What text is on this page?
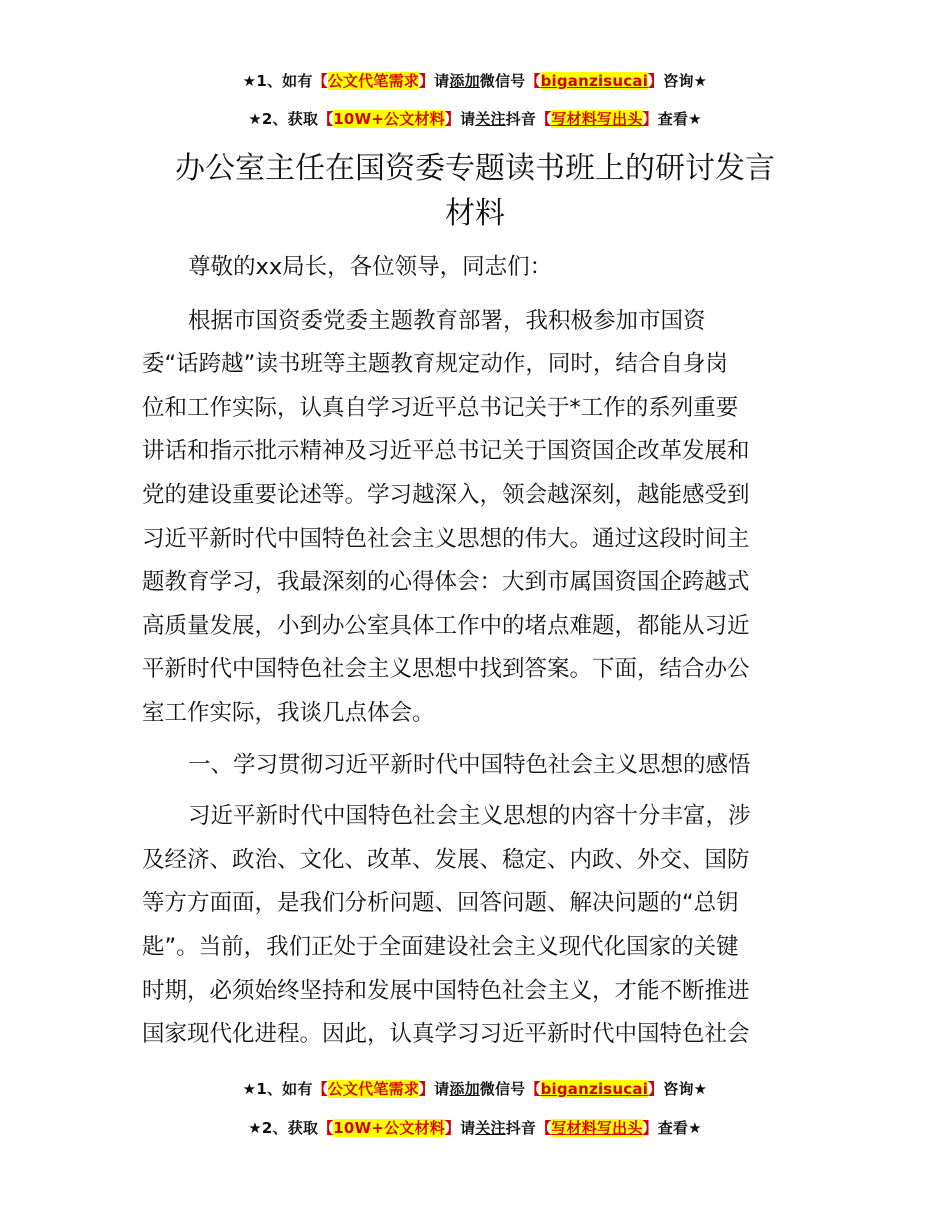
★1、如有【公文代笔需求】请添加微信号【biganzisucai】咨询★
★2、获取【10W+公文材料】请关注抖音【写材料写出头】查看★
办公室主任在国资委专题读书班上的研讨发言
材料

尊敬的xx局长，各位领导，同志们：

根据市国资委党委主题教育部署，我积极参加市国资
委“话跨越”读书班等主题教育规定动作，同时，结合自身岗
位和工作实际，认真自学习近平总书记关于*工作的系列重要
讲话和指示批示精神及习近平总书记关于国资国企改革发展和
党的建设重要论述等。学习越深入，领会越深刻，越能感受到
习近平新时代中国特色社会主义思想的伟大。通过这段时间主
题教育学习，我最深刻的心得体会：大到市属国资国企跨越式
高质量发展，小到办公室具体工作中的堵点难题，都能从习近
平新时代中国特色社会主义思想中找到答案。下面，结合办公
室工作实际，我谈几点体会。

一、学习贯彻习近平新时代中国特色社会主义思想的感悟

习近平新时代中国特色社会主义思想的内容十分丰富，涉
及经济、政治、文化、改革、发展、稳定、内政、外交、国防
等方方面面，是我们分析问题、回答问题、解决问题的“总钥
匙”。当前，我们正处于全面建设社会主义现代化国家的关键
时期，必须始终坚持和发展中国特色社会主义，才能不断推进
国家现代化进程。因此，认真学习习近平新时代中国特色社会

★1、如有【公文代笔需求】请添加微信号【biganzisucai】咨询★
★2、获取【10W+公文材料】请关注抖音【写材料写出头】查看★
